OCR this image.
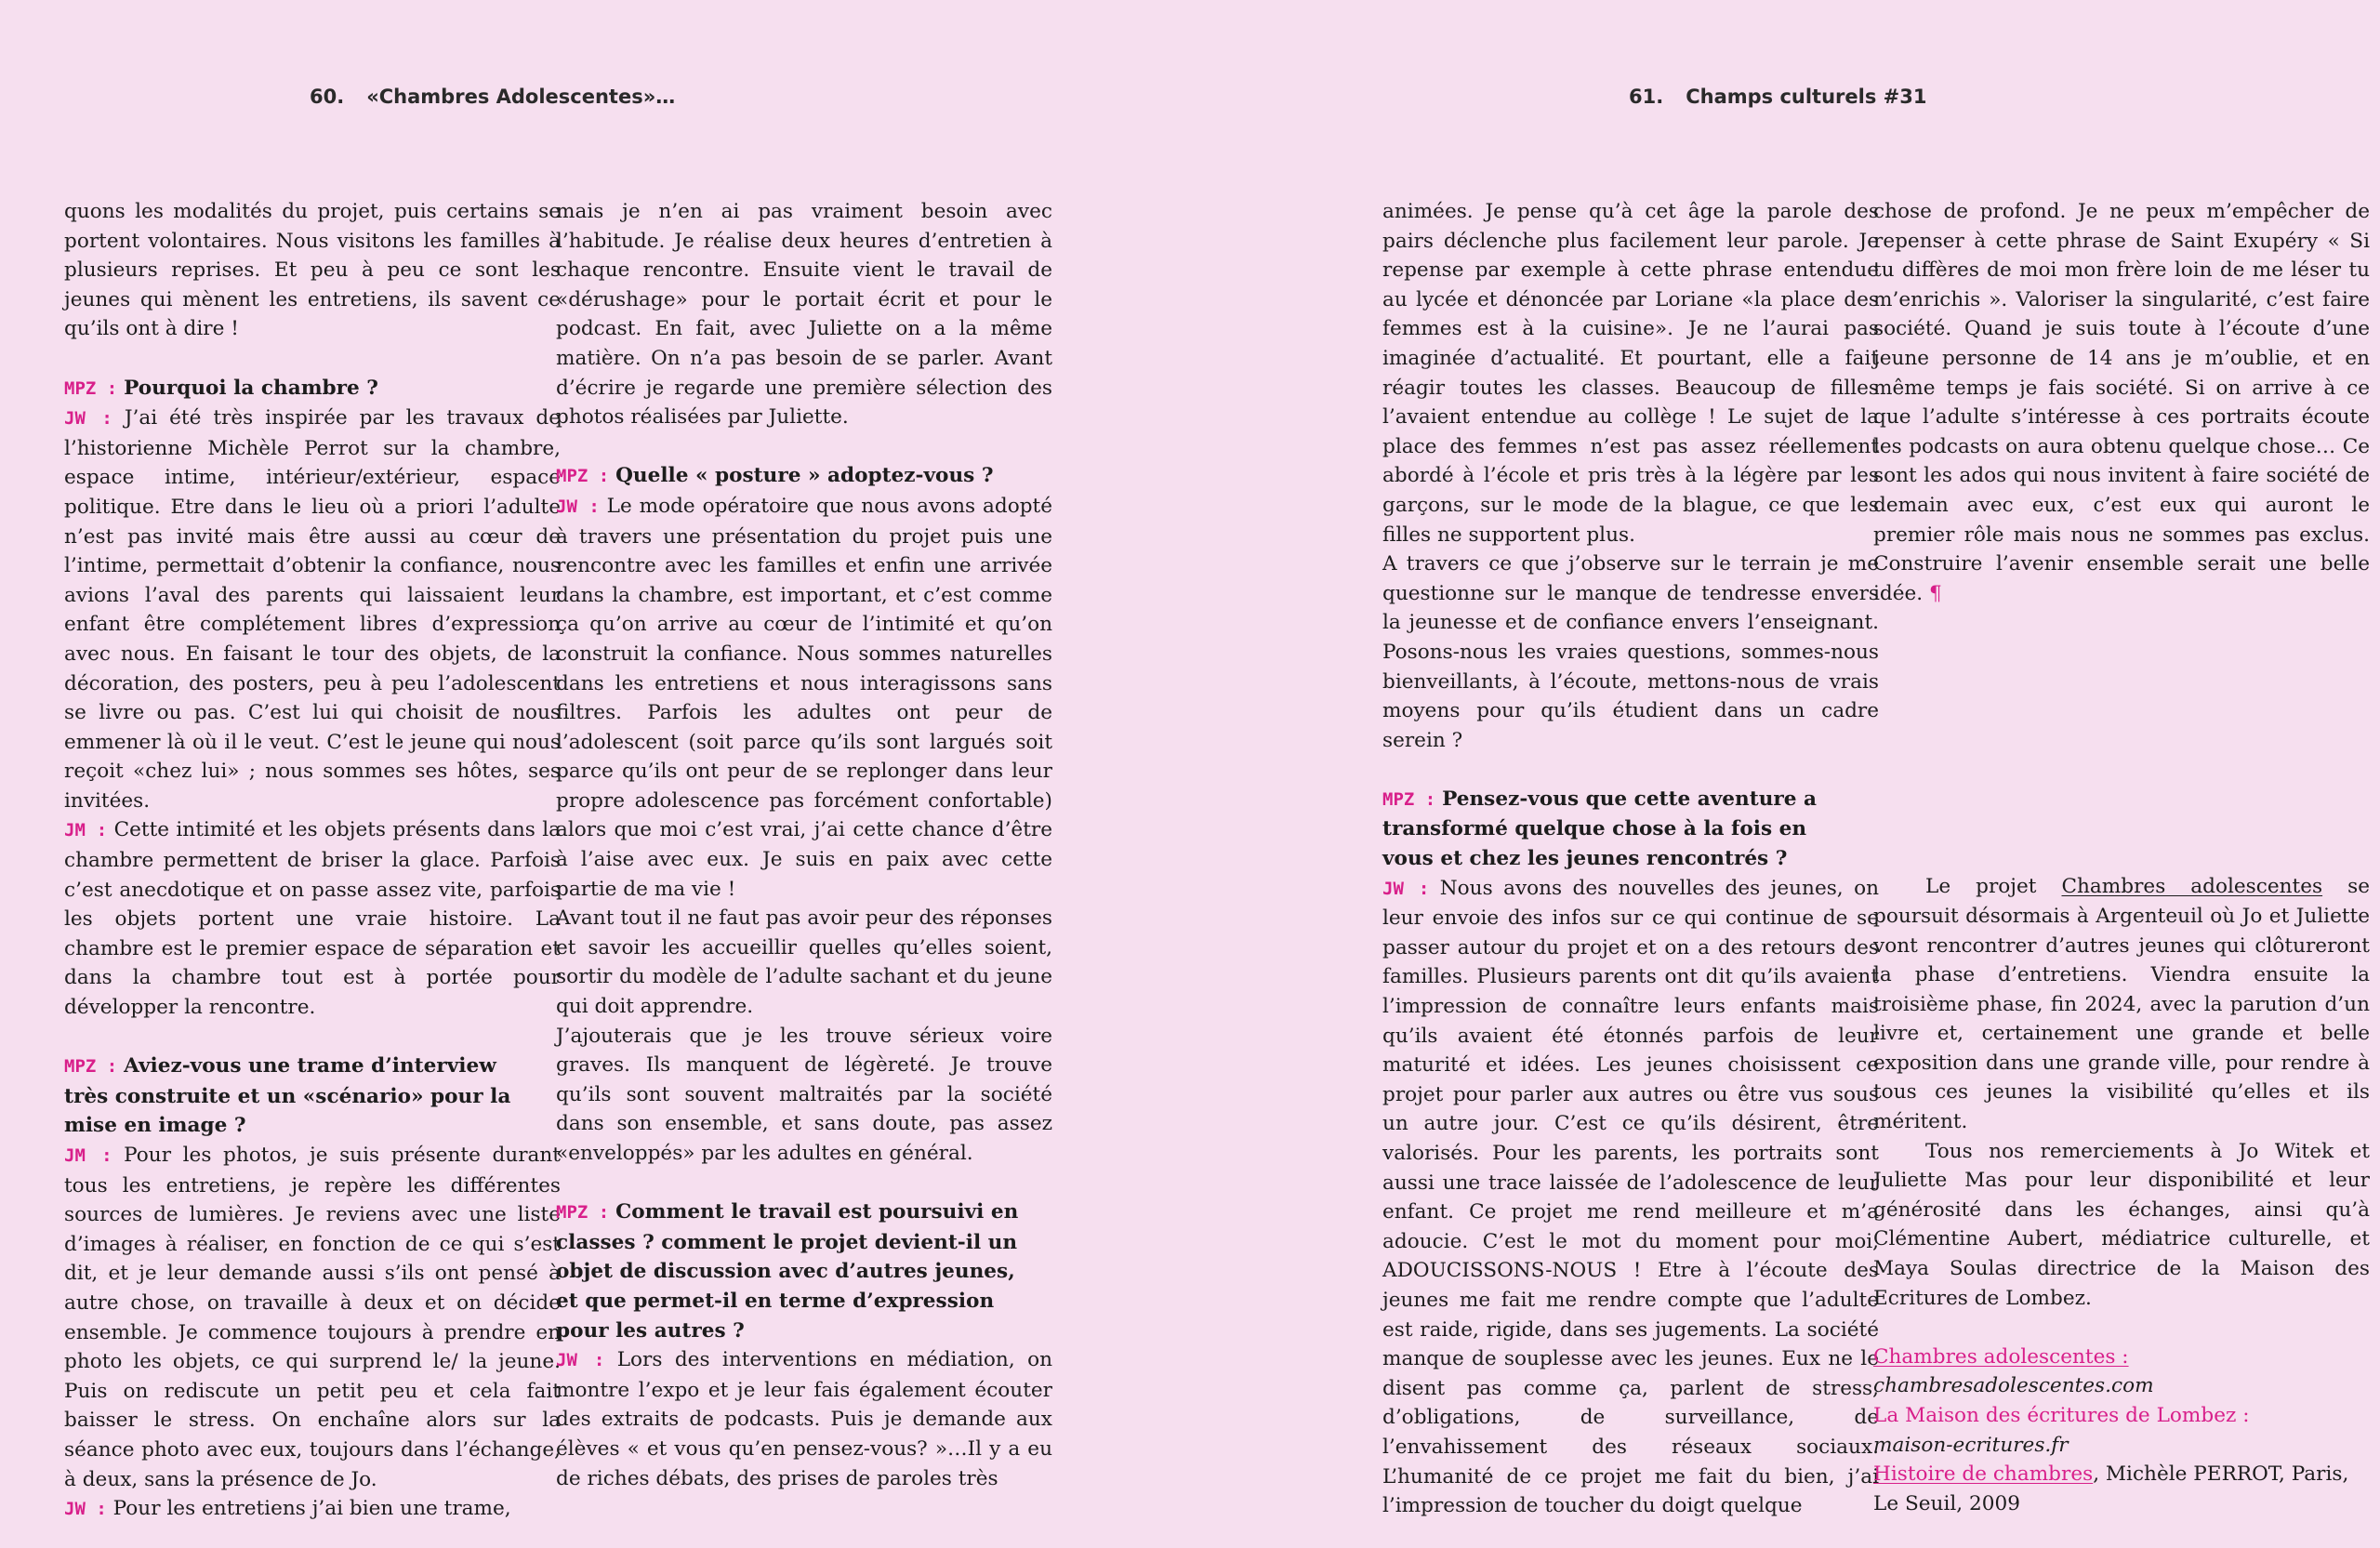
60. «Chambres Adolescentes»…	61. Champs culturels #31

quons les modalités du projet, puis certains se portent volontaires. Nous visitons les familles à plusieurs reprises. Et peu à peu ce sont les jeunes qui mènent les entretiens, ils savent ce qu’ils ont à dire !

MPZ : Pourquoi la chambre ?

JW : J’ai été très inspirée par les travaux de l’historienne Michèle Perrot sur la chambre, espace intime, intérieur/extérieur, espace politique. Etre dans le lieu où a priori l’adulte n’est pas invité mais être aussi au cœur de l’intime, permettait d’obtenir la confiance, nous avions l’aval des parents qui laissaient leur enfant être complétement libres d’expression avec nous. En faisant le tour des objets, de la décoration, des posters, peu à peu l’adolescent se livre ou pas. C’est lui qui choisit de nous emmener là où il le veut. C’est le jeune qui nous reçoit «chez lui» ; nous sommes ses hôtes, ses invitées.

JM : Cette intimité et les objets présents dans la chambre permettent de briser la glace. Parfois c’est anecdotique et on passe assez vite, parfois les objets portent une vraie histoire. La chambre est le premier espace de séparation et dans la chambre tout est à portée pour développer la rencontre.

MPZ : Aviez-vous une trame d’interview très construite et un «scénario» pour la mise en image ?

JM : Pour les photos, je suis présente durant tous les entretiens, je repère les différentes sources de lumières. Je reviens avec une liste d’images à réaliser, en fonction de ce qui s’est dit, et je leur demande aussi s’ils ont pensé à autre chose, on travaille à deux et on décide ensemble. Je commence toujours à prendre en photo les objets, ce qui surprend le/ la jeune. Puis on rediscute un petit peu et cela fait baisser le stress. On enchaîne alors sur la séance photo avec eux, toujours dans l’échange, à deux, sans la présence de Jo.

JW : Pour les entretiens j’ai bien une trame,

mais je n’en ai pas vraiment besoin avec l’habitude. Je réalise deux heures d’entretien à chaque rencontre. Ensuite vient le travail de «dérushage» pour le portait écrit et pour le podcast. En fait, avec Juliette on a la même matière. On n’a pas besoin de se parler. Avant d’écrire je regarde une première sélection des photos réalisées par Juliette.

MPZ : Quelle « posture » adoptez-vous ?

JW : Le mode opératoire que nous avons adopté à travers une présentation du projet puis une rencontre avec les familles et enfin une arrivée dans la chambre, est important, et c’est comme ça qu’on arrive au cœur de l’intimité et qu’on construit la confiance. Nous sommes naturelles dans les entretiens et nous interagissons sans filtres. Parfois les adultes ont peur de l’adolescent (soit parce qu’ils sont largués soit parce qu’ils ont peur de se replonger dans leur propre adolescence pas forcément confortable) alors que moi c’est vrai, j’ai cette chance d’être à l’aise avec eux. Je suis en paix avec cette partie de ma vie !

Avant tout il ne faut pas avoir peur des réponses et savoir les accueillir quelles qu’elles soient, sortir du modèle de l’adulte sachant et du jeune qui doit apprendre.

J’ajouterais que je les trouve sérieux voire graves. Ils manquent de légèreté. Je trouve qu’ils sont souvent maltraités par la société dans son ensemble, et sans doute, pas assez «enveloppés» par les adultes en général.

MPZ : Comment le travail est poursuivi en classes ? comment le projet devient-il un objet de discussion avec d’autres jeunes, et que permet-il en terme d’expression pour les autres ?

JW : Lors des interventions en médiation, on montre l’expo et je leur fais également écouter des extraits de podcasts. Puis je demande aux élèves « et vous qu’en pensez-vous? »…Il y a eu de riches débats, des prises de paroles très

animées. Je pense qu’à cet âge la parole des pairs déclenche plus facilement leur parole. Je repense par exemple à cette phrase entendue au lycée et dénoncée par Loriane «la place des femmes est à la cuisine». Je ne l’aurai pas imaginée d’actualité. Et pourtant, elle a fait réagir toutes les classes. Beaucoup de filles l’avaient entendue au collège ! Le sujet de la place des femmes n’est pas assez réellement abordé à l’école et pris très à la légère par les garçons, sur le mode de la blague, ce que les filles ne supportent plus.

A travers ce que j’observe sur le terrain je me questionne sur le manque de tendresse envers la jeunesse et de confiance envers l’enseignant. Posons-nous les vraies questions, sommes-nous bienveillants, à l’écoute, mettons-nous de vrais moyens pour qu’ils étudient dans un cadre serein ?

MPZ : Pensez-vous que cette aventure a transformé quelque chose à la fois en vous et chez les jeunes rencontrés ?

JW : Nous avons des nouvelles des jeunes, on leur envoie des infos sur ce qui continue de se passer autour du projet et on a des retours des familles. Plusieurs parents ont dit qu’ils avaient l’impression de connaître leurs enfants mais qu’ils avaient été étonnés parfois de leur maturité et idées. Les jeunes choisissent ce projet pour parler aux autres ou être vus sous un autre jour. C’est ce qu’ils désirent, être valorisés. Pour les parents, les portraits sont aussi une trace laissée de l’adolescence de leur enfant. Ce projet me rend meilleure et m’a adoucie. C’est le mot du moment pour moi, ADOUCISSONS-NOUS ! Etre à l’écoute des jeunes me fait me rendre compte que l’adulte est raide, rigide, dans ses jugements. La société manque de souplesse avec les jeunes. Eux ne le disent pas comme ça, parlent de stress, d’obligations, de surveillance, de l’envahissement des réseaux sociaux. L’humanité de ce projet me fait du bien, j’ai l’impression de toucher du doigt quelque

chose de profond. Je ne peux m’empêcher de repenser à cette phrase de Saint Exupéry « Si tu diffères de moi mon frère loin de me léser tu m’enrichis ». Valoriser la singularité, c’est faire société. Quand je suis toute à l’écoute d’une jeune personne de 14 ans je m’oublie, et en même temps je fais société. Si on arrive à ce que l’adulte s’intéresse à ces portraits écoute les podcasts on aura obtenu quelque chose… Ce sont les ados qui nous invitent à faire société de demain avec eux, c’est eux qui auront le premier rôle mais nous ne sommes pas exclus. Construire l’avenir ensemble serait une belle idée. ¶

Le projet Chambres adolescentes se poursuit désormais à Argenteuil où Jo et Juliette vont rencontrer d’autres jeunes qui clôtureront la phase d’entretiens. Viendra ensuite la troisième phase, fin 2024, avec la parution d’un livre et, certainement une grande et belle exposition dans une grande ville, pour rendre à tous ces jeunes la visibilité qu’elles et ils méritent.

Tous nos remerciements à Jo Witek et Juliette Mas pour leur disponibilité et leur générosité dans les échanges, ainsi qu’à Clémentine Aubert, médiatrice culturelle, et Maya Soulas directrice de la Maison des Ecritures de Lombez.

Chambres adolescentes :

chambresadolescentes.com

La Maison des écritures de Lombez :

maison-ecritures.fr

Histoire de chambres, Michèle PERROT, Paris, Le Seuil, 2009
